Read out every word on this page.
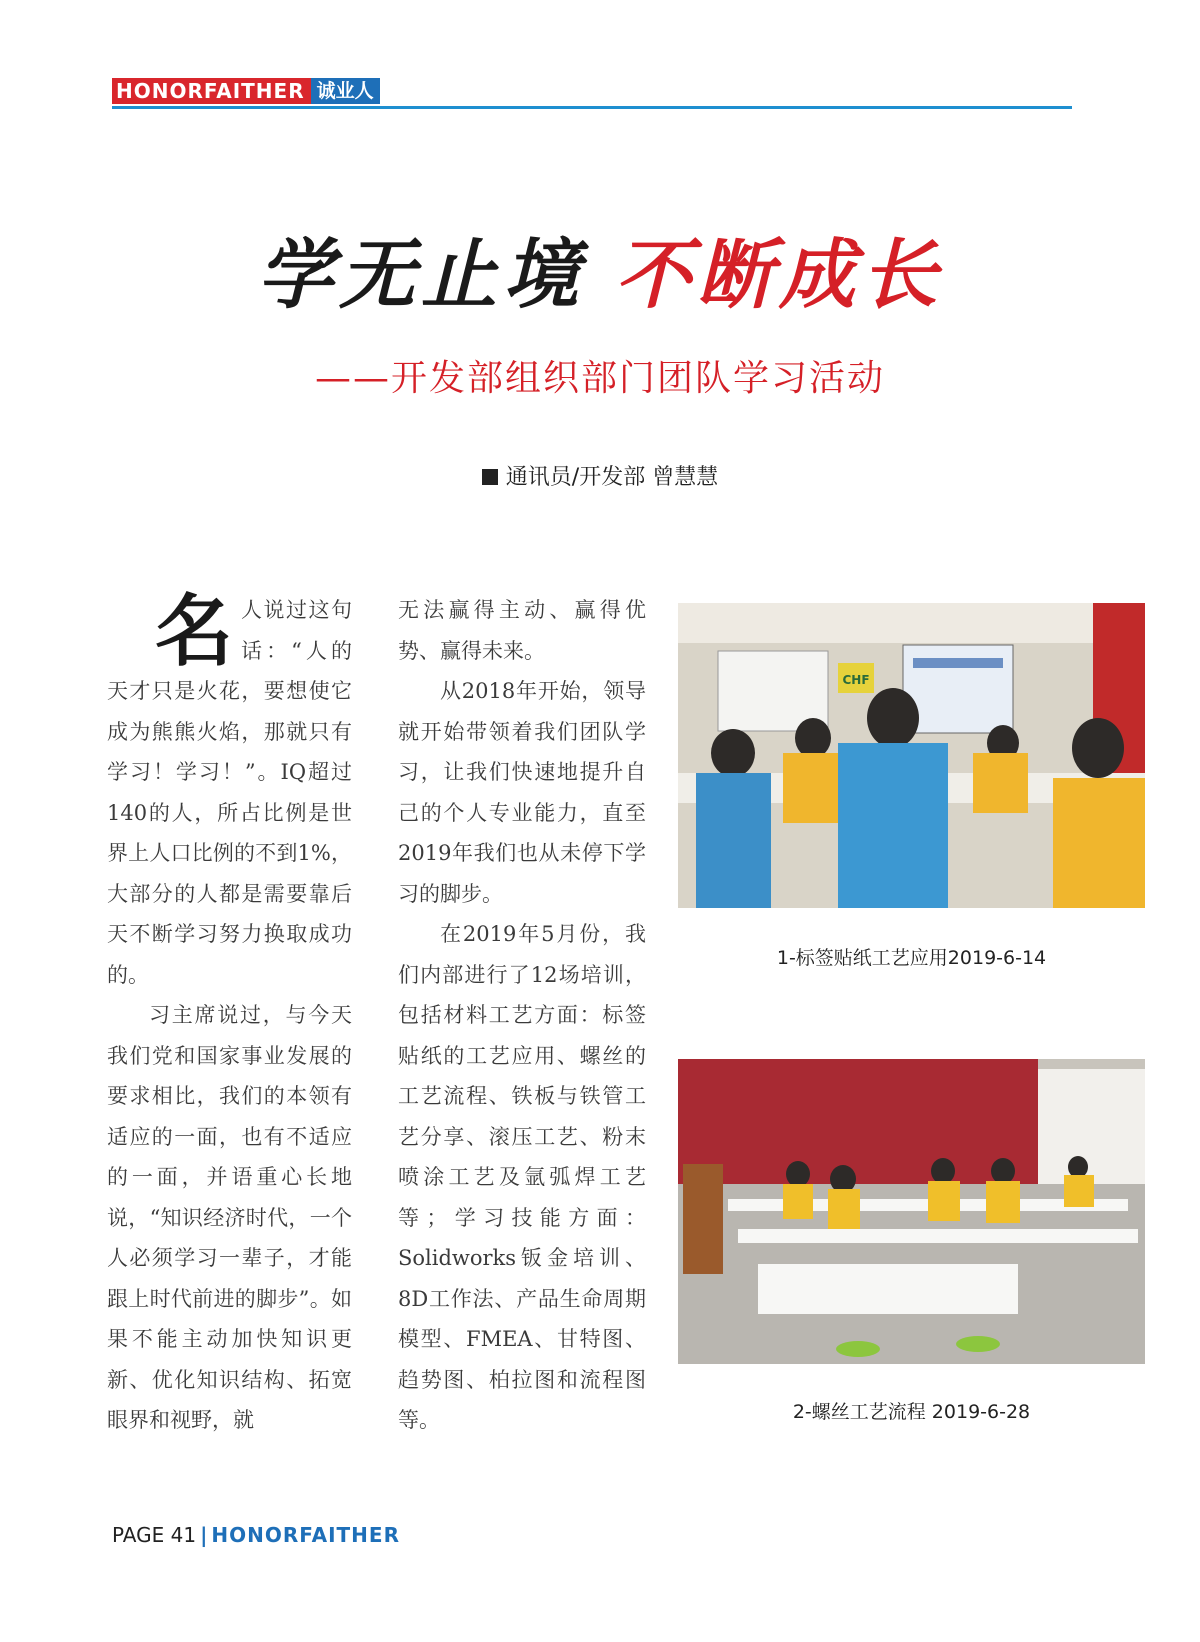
HONORFAITHER 诚业人
学无止境 不断成长
——开发部组织部门团队学习活动
通讯员/开发部 曾慧慧

名人说过这句话：“人的天才只是火花，要想使它成为熊熊火焰，那就只有学习！学习！”。IQ超过140的人，所占比例是世界上人口比例的不到1%，大部分的人都是需要靠后天不断学习努力换取成功的。

习主席说过，与今天我们党和国家事业发展的要求相比，我们的本领有适应的一面，也有不适应的一面，并语重心长地说，“知识经济时代，一个人必须学习一辈子，才能跟上时代前进的脚步”。如果不能主动加快知识更新、优化知识结构、拓宽眼界和视野，就

无法赢得主动、赢得优势、赢得未来。

从2018年开始，领导就开始带领着我们团队学习，让我们快速地提升自己的个人专业能力，直至2019年我们也从未停下学习的脚步。

在2019年5月份，我们内部进行了12场培训，包括材料工艺方面：标签贴纸的工艺应用、螺丝的工艺流程、铁板与铁管工艺分享、滚压工艺、粉末喷涂工艺及氩弧焊工艺等；学习技能方面：Solidworks钣金培训、8D工作法、产品生命周期模型、FMEA、甘特图、趋势图、柏拉图和流程图等。

CHF
1-标签贴纸工艺应用2019-6-14
2-螺丝工艺流程 2019-6-28
PAGE 41 | HONORFAITHER
